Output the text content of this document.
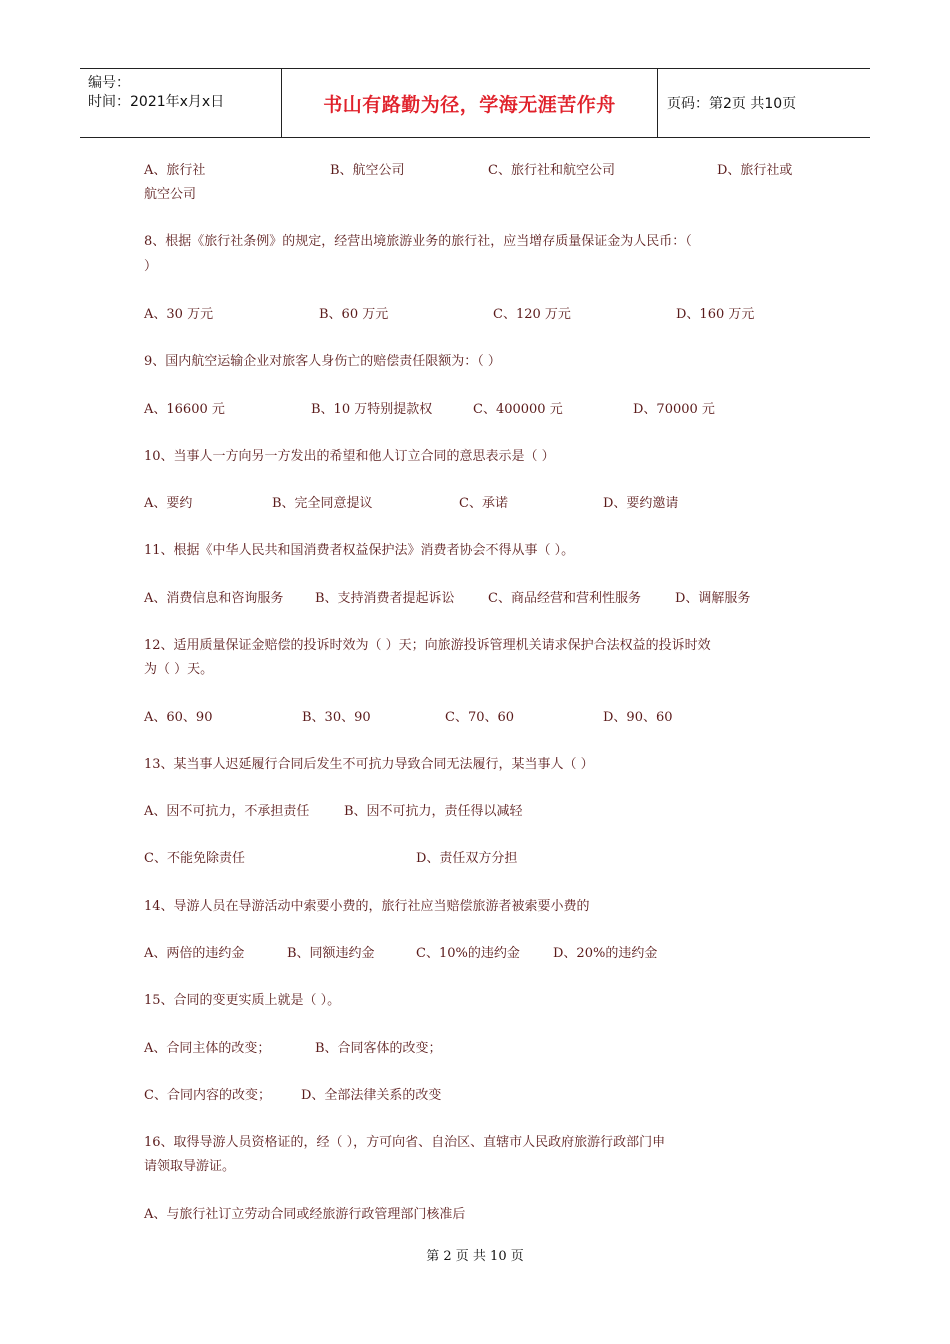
编号：
时间：2021年x月x日	书山有路勤为径，学海无涯苦作舟	页码：第2页 共10页
A、旅行社	B、航空公司	C、旅行社和航空公司	D、旅行社或
航空公司
8、根据《旅行社条例》的规定，经营出境旅游业务的旅行社，应当增存质量保证金为人民币：（
）
A、30 万元	B、60 万元	C、120 万元	D、160 万元
9、国内航空运输企业对旅客人身伤亡的赔偿责任限额为：（ ）
A、16600 元	B、10 万特别提款权	C、400000 元	D、70000 元
10、当事人一方向另一方发出的希望和他人订立合同的意思表示是（ ）
A、要约	B、完全同意提议	C、承诺	D、要约邀请
11、根据《中华人民共和国消费者权益保护法》消费者协会不得从事（ ）。
A、消费信息和咨询服务 B、支持消费者提起诉讼	C、商品经营和营利性服务	D、调解服务
12、适用质量保证金赔偿的投诉时效为（ ）天；向旅游投诉管理机关请求保护合法权益的投诉时效
为（ ）天。
A、60、90	B、30、90	C、70、60	D、90、60
13、某当事人迟延履行合同后发生不可抗力导致合同无法履行，某当事人（ ）
A、因不可抗力，不承担责任	B、因不可抗力，责任得以减轻
C、不能免除责任	D、责任双方分担
14、导游人员在导游活动中索要小费的，旅行社应当赔偿旅游者被索要小费的
A、两倍的违约金	B、同额违约金	C、10%的违约金	D、20%的违约金
15、合同的变更实质上就是（ ）。
A、合同主体的改变；	B、合同客体的改变；
C、合同内容的改变； D、全部法律关系的改变
16、取得导游人员资格证的，经（ ），方可向省、自治区、直辖市人民政府旅游行政部门申
请领取导游证。
A、与旅行社订立劳动合同或经旅游行政管理部门核准后
第 2 页 共 10 页
